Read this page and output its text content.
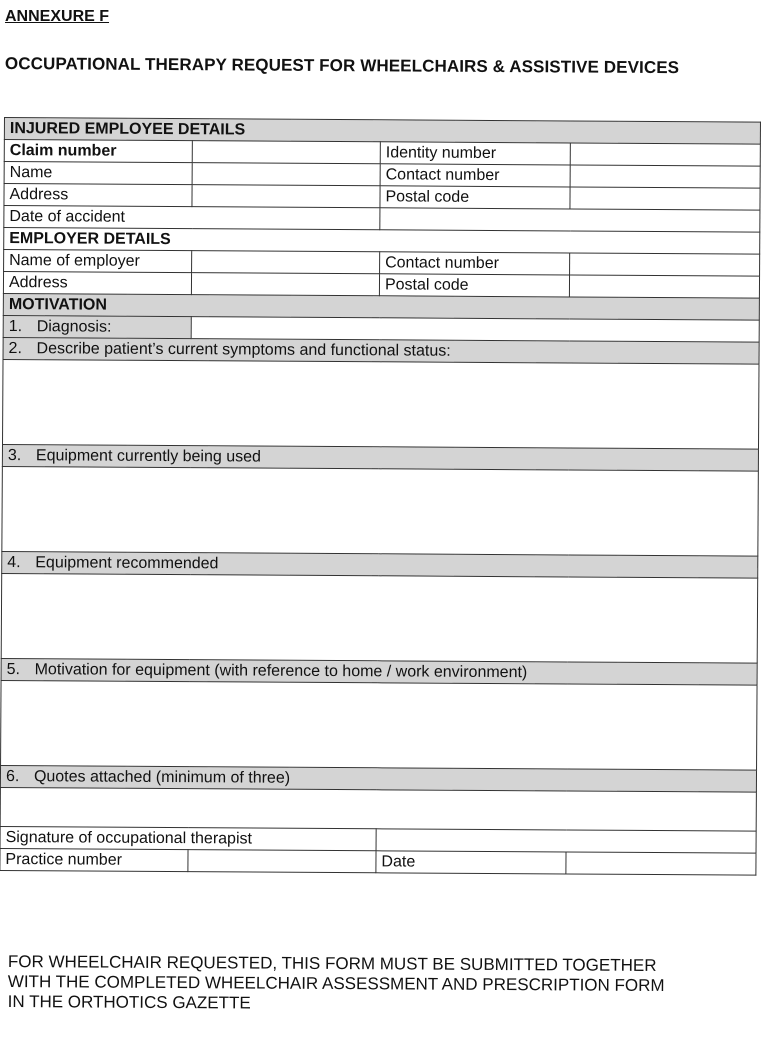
ANNEXURE F
OCCUPATIONAL THERAPY REQUEST FOR WHEELCHAIRS & ASSISTIVE DEVICES
INJURED EMPLOYEE DETAILS			
Claim number		Identity number	
Name		Contact number	
Address		Postal code	
Date of accident			
EMPLOYER DETAILS			
Name of employer		Contact number	
Address		Postal code	
MOTIVATION			
1. Diagnosis:			
2. Describe patient’s current symptoms and functional status:			

3. Equipment currently being used			

4. Equipment recommended			

5. Motivation for equipment (with reference to home / work environment)			

6. Quotes attached (minimum of three)			

Signature of occupational therapist			
Practice number		Date	
FOR WHEELCHAIR REQUESTED, THIS FORM MUST BE SUBMITTED TOGETHER
WITH THE COMPLETED WHEELCHAIR ASSESSMENT AND PRESCRIPTION FORM
IN THE ORTHOTICS GAZETTE
